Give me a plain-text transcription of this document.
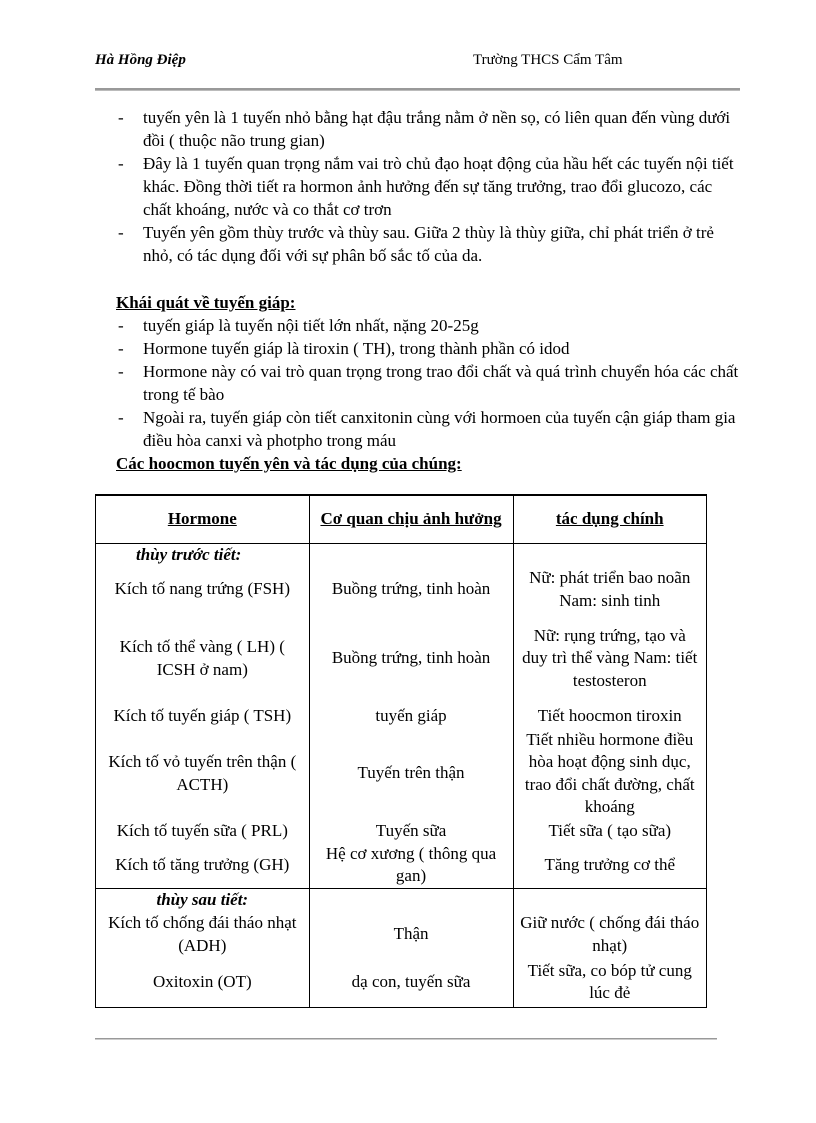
Hà Hồng Điệp	Trường THCS Cẩm Tâm
- tuyến yên là 1 tuyến nhỏ bằng hạt đậu trắng nằm ở nền sọ, có liên quan đến vùng dưới đồi ( thuộc não trung gian)
- Đây là 1 tuyến quan trọng nắm vai trò chủ đạo hoạt động của hầu hết các tuyến nội tiết khác. Đồng thời tiết ra hormon ảnh hưởng đến sự tăng trưởng, trao đổi glucozo, các chất khoáng, nước và co thắt cơ trơn
- Tuyến yên gồm thùy trước và thùy sau. Giữa 2 thùy là thùy giữa, chỉ phát triển ở trẻ nhỏ, có tác dụng đối với sự phân bố sắc tố của da.
Khái quát về tuyến giáp:
- tuyến giáp là tuyến nội tiết lớn nhất, nặng 20-25g
- Hormone tuyến giáp là tiroxin ( TH), trong thành phần có idod
- Hormone này có vai trò quan trọng trong trao đổi chất và quá trình chuyển hóa các chất trong tế bào
- Ngoài ra, tuyến giáp còn tiết canxitonin cùng với hormoen của tuyến cận giáp tham gia điều hòa canxi và photpho trong máu
Các hoocmon tuyến yên và tác dụng của chúng:
Hormone	Cơ quan chịu ảnh hưởng	tác dụng chính
thùy trước tiết:		
Kích tố nang trứng (FSH)	Buồng trứng, tinh hoàn	Nữ: phát triển bao noãn Nam: sinh tinh
Kích tố thể vàng ( LH) ( ICSH ở nam)	Buồng trứng, tinh hoàn	Nữ: rụng trứng, tạo và duy trì thể vàng Nam: tiết testosteron
Kích tố tuyến giáp ( TSH)	tuyến giáp	Tiết hoocmon tiroxin
Kích tố vỏ tuyến trên thận ( ACTH)	Tuyến trên thận	Tiết nhiều hormone điều hòa hoạt động sinh dục, trao đổi chất đường, chất khoáng
Kích tố tuyến sữa ( PRL)	Tuyến sữa	Tiết sữa ( tạo sữa)
Kích tố tăng trưởng (GH)	Hệ cơ xương ( thông qua gan)	Tăng trưởng cơ thể
thùy sau tiết:		
Kích tố chống đái tháo nhạt (ADH)	Thận	Giữ nước ( chống đái tháo nhạt)
Oxitoxin (OT)	dạ con, tuyến sữa	Tiết sữa, co bóp tử cung lúc đẻ
